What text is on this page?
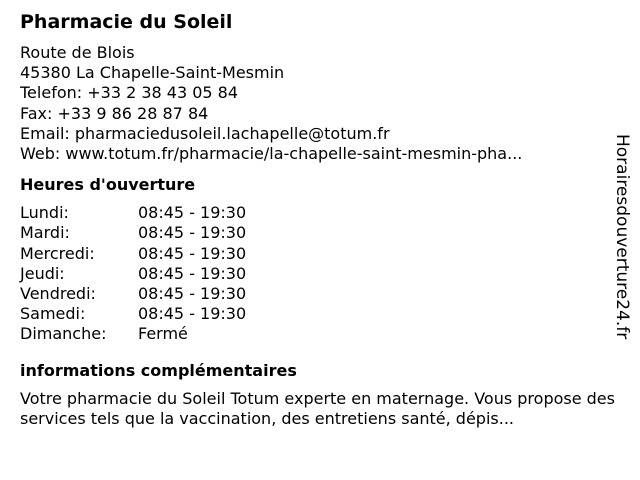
Pharmacie du Soleil
Route de Blois
45380 La Chapelle-Saint-Mesmin
Telefon: +33 2 38 43 05 84
Fax: +33 9 86 28 87 84
Email: pharmaciedusoleil.lachapelle@totum.fr
Web: www.totum.fr/pharmacie/la-chapelle-saint-mesmin-pha...
Heures d'ouverture
Lundi:	08:45 - 19:30
Mardi:	08:45 - 19:30
Mercredi:	08:45 - 19:30
Jeudi:	08:45 - 19:30
Vendredi:	08:45 - 19:30
Samedi:	08:45 - 19:30
Dimanche:	Fermé
informations complémentaires
Votre pharmacie du Soleil Totum experte en maternage. Vous propose des services tels que la vaccination, des entretiens santé, dépis...
Horairesdouverture24.fr
